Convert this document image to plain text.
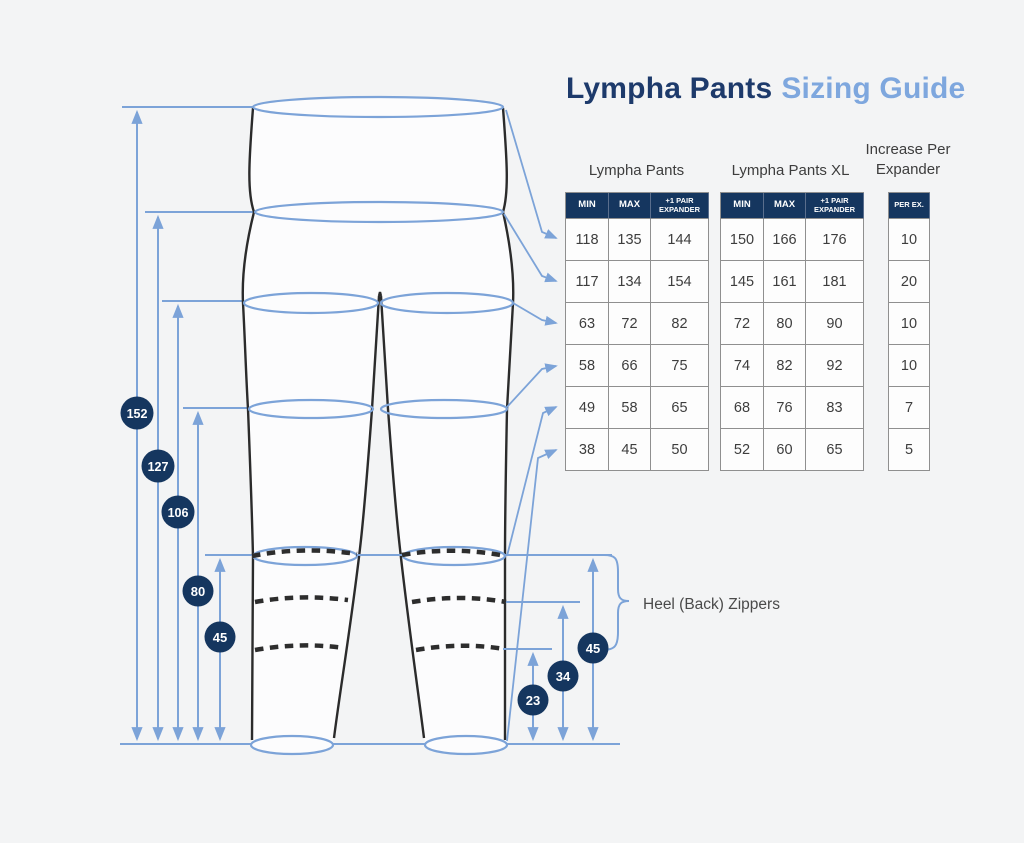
152
127
106
80
45
45
34
23
Lympha Pants Sizing Guide
Lympha Pants	Lympha Pants XL
Increase Per Expander
MIN	MAX	+1 PAIR EXPANDER
118	135	144
117	134	154
63	72	82
58	66	75
49	58	65
38	45	50
MIN	MAX	+1 PAIR EXPANDER
150	166	176
145	161	181
72	80	90
74	82	92
68	76	83
52	60	65
PER EX.
10
20
10
10
7
5
Heel (Back) Zippers
